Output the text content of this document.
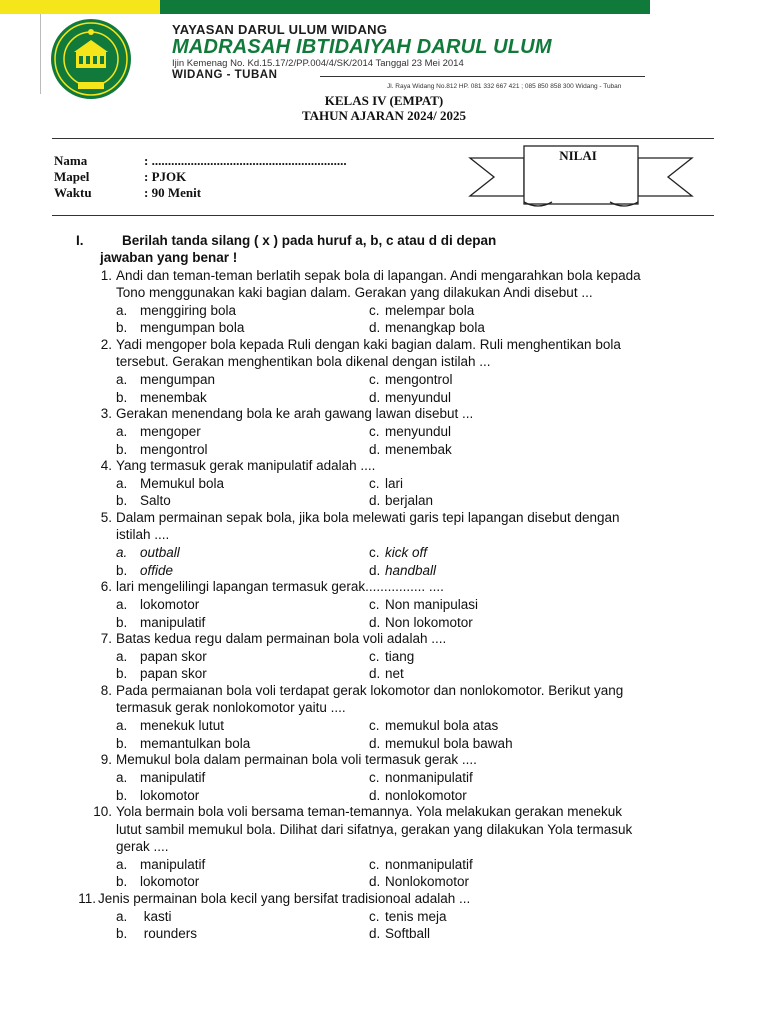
YAYASAN DARUL ULUM WIDANG
MADRASAH IBTIDAIYAH DARUL ULUM
Ijin Kemenag No. Kd.15.17/2/PP.004/4/SK/2014 Tanggal 23 Mei 2014
WIDANG - TUBAN
Jl. Raya Widang No.812 HP. 081 332 667 421 ; 085 850 858 300 Widang - Tuban
KELAS IV (EMPAT)
TAHUN AJARAN 2024/ 2025
Nama	: ............................................................
Mapel	: PJOK
Waktu	: 90 Menit
NILAI
I.	Berilah tanda silang ( x ) pada huruf a, b, c atau d di depan
jawaban yang benar !
1. Andi dan teman-teman berlatih sepak bola di lapangan. Andi mengarahkan bola kepada
Tono menggunakan kaki bagian dalam. Gerakan yang dilakukan Andi disebut ...
a. menggiring bola	c. melempar bola
b. mengumpan bola	d. menangkap bola
2. Yadi mengoper bola kepada Ruli dengan kaki bagian dalam. Ruli menghentikan bola
tersebut. Gerakan menghentikan bola dikenal dengan istilah ...
a. mengumpan	c. mengontrol
b. menembak	d. menyundul
3. Gerakan menendang bola ke arah gawang lawan disebut ...
a. mengoper	c. menyundul
b. mengontrol	d. menembak
4. Yang termasuk gerak manipulatif adalah ....
a. Memukul bola	c. lari
b. Salto	d. berjalan
5. Dalam permainan sepak bola, jika bola melewati garis tepi lapangan disebut dengan
istilah ....
a. outball	c. kick off
b. offide	d. handball
6. lari mengelilingi lapangan termasuk gerak................ ....
a. lokomotor	c. Non manipulasi
b. manipulatif	d. Non lokomotor
7. Batas kedua regu dalam permainan bola voli adalah ....
a. papan skor	c. tiang
b. papan skor	d. net
8. Pada permaianan bola voli terdapat gerak lokomotor dan nonlokomotor. Berikut yang
termasuk gerak nonlokomotor yaitu ....
a. menekuk lutut	c. memukul bola atas
b. memantulkan bola	d. memukul bola bawah
9. Memukul bola dalam permainan bola voli termasuk gerak ....
a. manipulatif	c. nonmanipulatif
b. lokomotor	d. nonlokomotor
10. Yola bermain bola voli bersama teman-temannya. Yola melakukan gerakan menekuk
lutut sambil memukul bola. Dilihat dari sifatnya, gerakan yang dilakukan Yola termasuk
gerak ....
a. manipulatif	c. nonmanipulatif
b. lokomotor	d. Nonlokomotor
11. Jenis permainan bola kecil yang bersifat tradisionoal adalah ...
a. kasti	c. tenis meja
b. rounders	d. Softball
